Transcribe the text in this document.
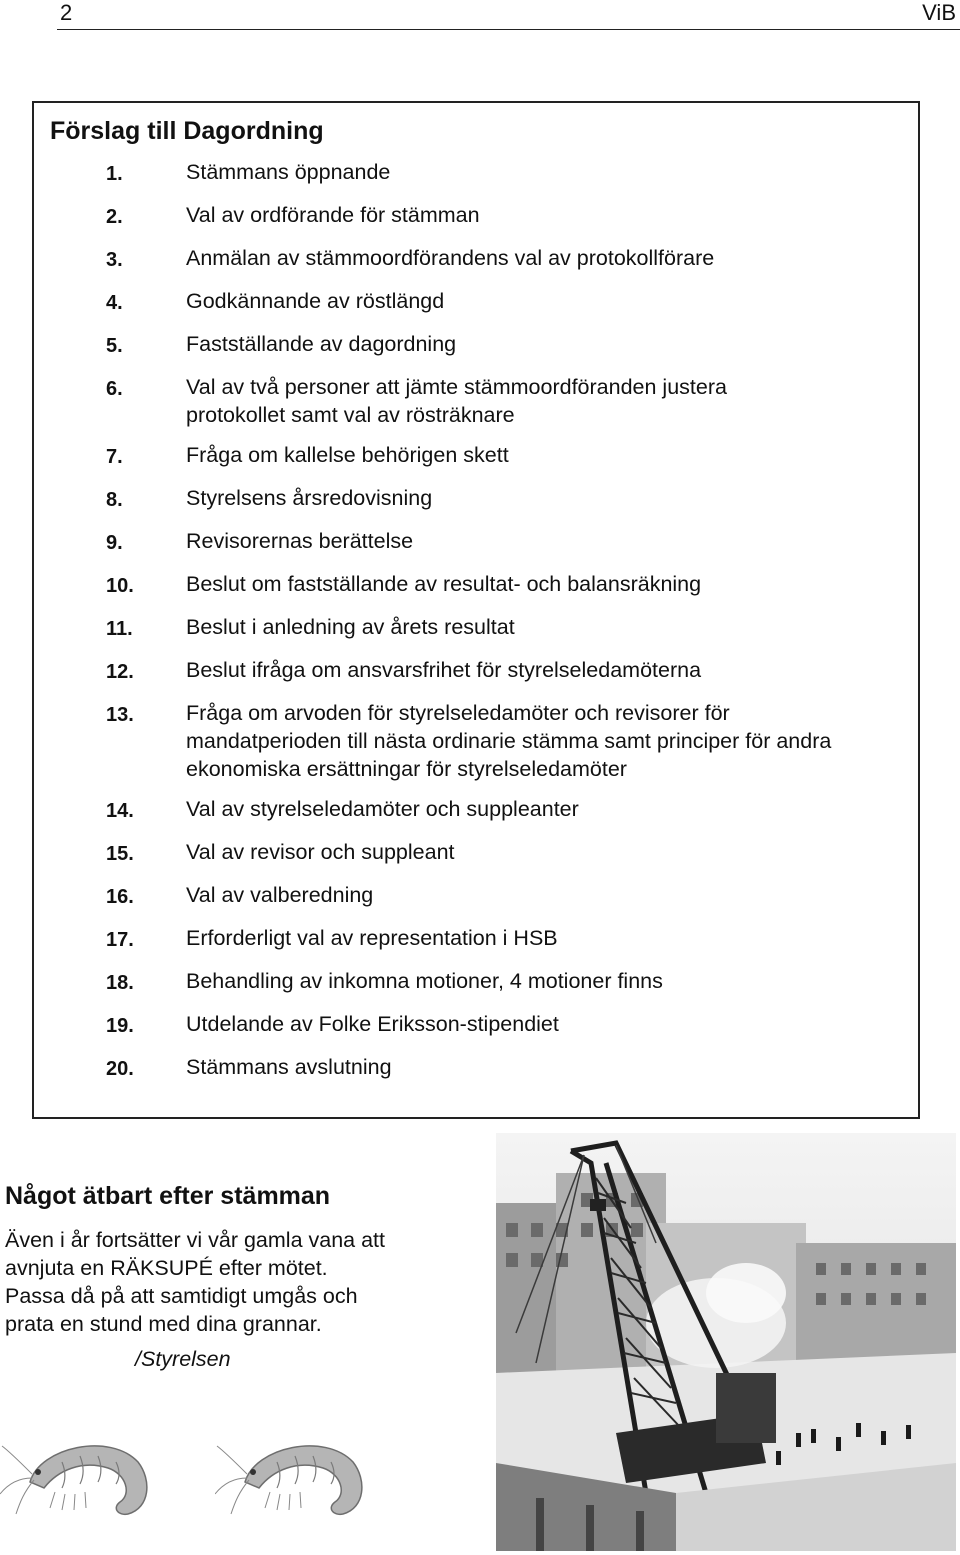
2	ViB
Förslag till Dagordning
1.	Stämmans öppnande
2.	Val av ordförande för stämman
3.	Anmälan av stämmoordförandens val av protokollförare
4.	Godkännande av röstlängd
5.	Fastställande av dagordning
6.	Val av två personer att jämte stämmoordföranden justera protokollet samt val av rösträknare
7.	Fråga om kallelse behörigen skett
8.	Styrelsens årsredovisning
9.	Revisorernas berättelse
10. Beslut om fastställande av resultat- och balansräkning
11. Beslut i anledning av årets resultat
12. Beslut ifråga om ansvarsfrihet för styrelseledamöterna
13. Fråga om arvoden för styrelseledamöter och revisorer för mandatperioden till nästa ordinarie stämma samt principer för andra ekonomiska ersättningar för styrelseledamöter
14. Val av styrelseledamöter och suppleanter
15. Val av revisor och suppleant
16. Val av valberedning
17. Erforderligt val av representation i HSB
18. Behandling av inkomna motioner, 4 motioner finns
19. Utdelande av Folke Eriksson-stipendiet
20. Stämmans avslutning
Något ätbart efter stämman

Även i år fortsätter vi vår gamla vana att
avnjuta en RÄKSUPÉ efter mötet.
Passa då på att samtidigt umgås och
prata en stund med dina grannar.

/Styrelsen
